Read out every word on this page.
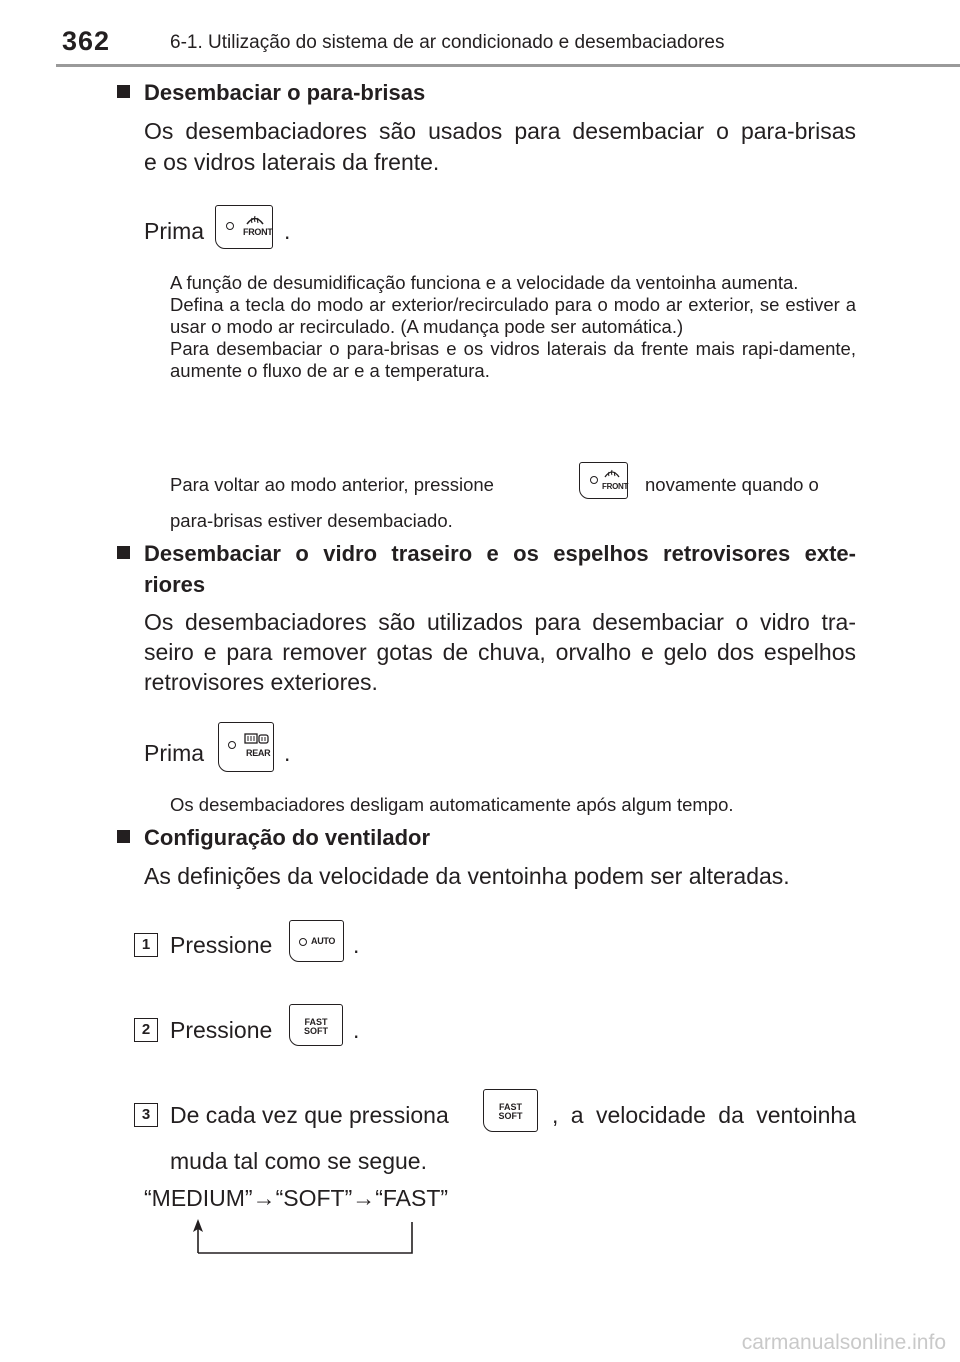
362	6-1. Utilização do sistema de ar condicionado e desembaciadores
Desembaciar o para-brisas
Os desembaciadores são usados para desembaciar o para-brisas
e os vidros laterais da frente.
Prima	FRONT .
A função de desumidificação funciona e a velocidade da ventoinha aumenta.
Defina a tecla do modo ar exterior/recirculado para o modo ar exterior, se estiver a usar o modo ar recirculado. (A mudança pode ser automática.)
Para desembaciar o para-brisas e os vidros laterais da frente mais rapi-damente, aumente o fluxo de ar e a temperatura.
Para voltar ao modo anterior, pressione	FRONT novamente quando o
para-brisas estiver desembaciado.
Desembaciar o vidro traseiro e os espelhos retrovisores exte-
riores
Os desembaciadores são utilizados para desembaciar o vidro tra-seiro e para remover gotas de chuva, orvalho e gelo dos espelhos retrovisores exteriores.
Prima	REAR .
Os desembaciadores desligam automaticamente após algum tempo.
Configuração do ventilador
As definições da velocidade da ventoinha podem ser alteradas.
1 Pressione	AUTO .
2 Pressione	FAST
SOFT	.
3 De cada vez que pressiona	FAST
SOFT	, a velocidade da ventoinha
muda tal como se segue.
“MEDIUM”→“SOFT”→“FAST”
carmanualsonline.info
